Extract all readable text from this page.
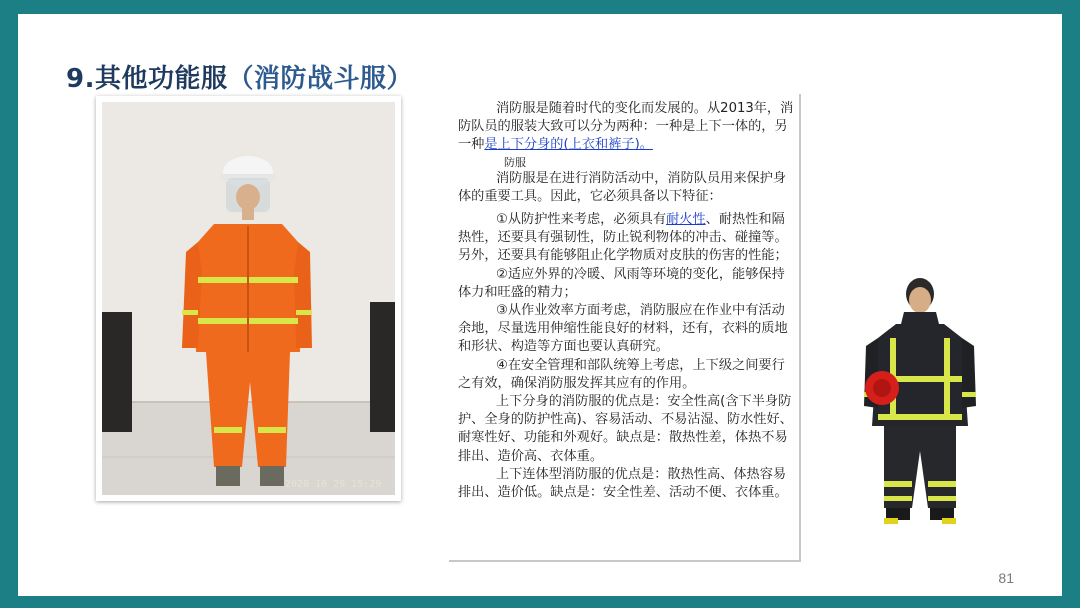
9.其他功能服（消防战斗服）
2020 10 29 15:29

消防服是随着时代的变化而发展的。从2013年，消防队员的服装大致可以分为两种：一种是上下一体的，另一种是上下分身的(上衣和裤子)。

防服

消防服是在进行消防活动中，消防队员用来保护身体的重要工具。因此，它必须具备以下特征：

①从防护性来考虑，必须具有耐火性、耐热性和隔热性，还要具有强韧性，防止锐利物体的冲击、碰撞等。另外，还要具有能够阻止化学物质对皮肤的伤害的性能；

②适应外界的冷暖、风雨等环境的变化，能够保持体力和旺盛的精力；

③从作业效率方面考虑，消防服应在作业中有活动余地，尽量选用伸缩性能良好的材料，还有，衣料的质地和形状、构造等方面也要认真研究。

④在安全管理和部队统筹上考虑，上下级之间要行之有效，确保消防服发挥其应有的作用。

上下分身的消防服的优点是：安全性高(含下半身防护、全身的防护性高)、容易活动、不易沾湿、防水性好、耐寒性好、功能和外观好。缺点是：散热性差，体热不易排出、造价高、衣体重。

上下连体型消防服的优点是：散热性高、体热容易排出、造价低。缺点是：安全性差、活动不便、衣体重。

81
